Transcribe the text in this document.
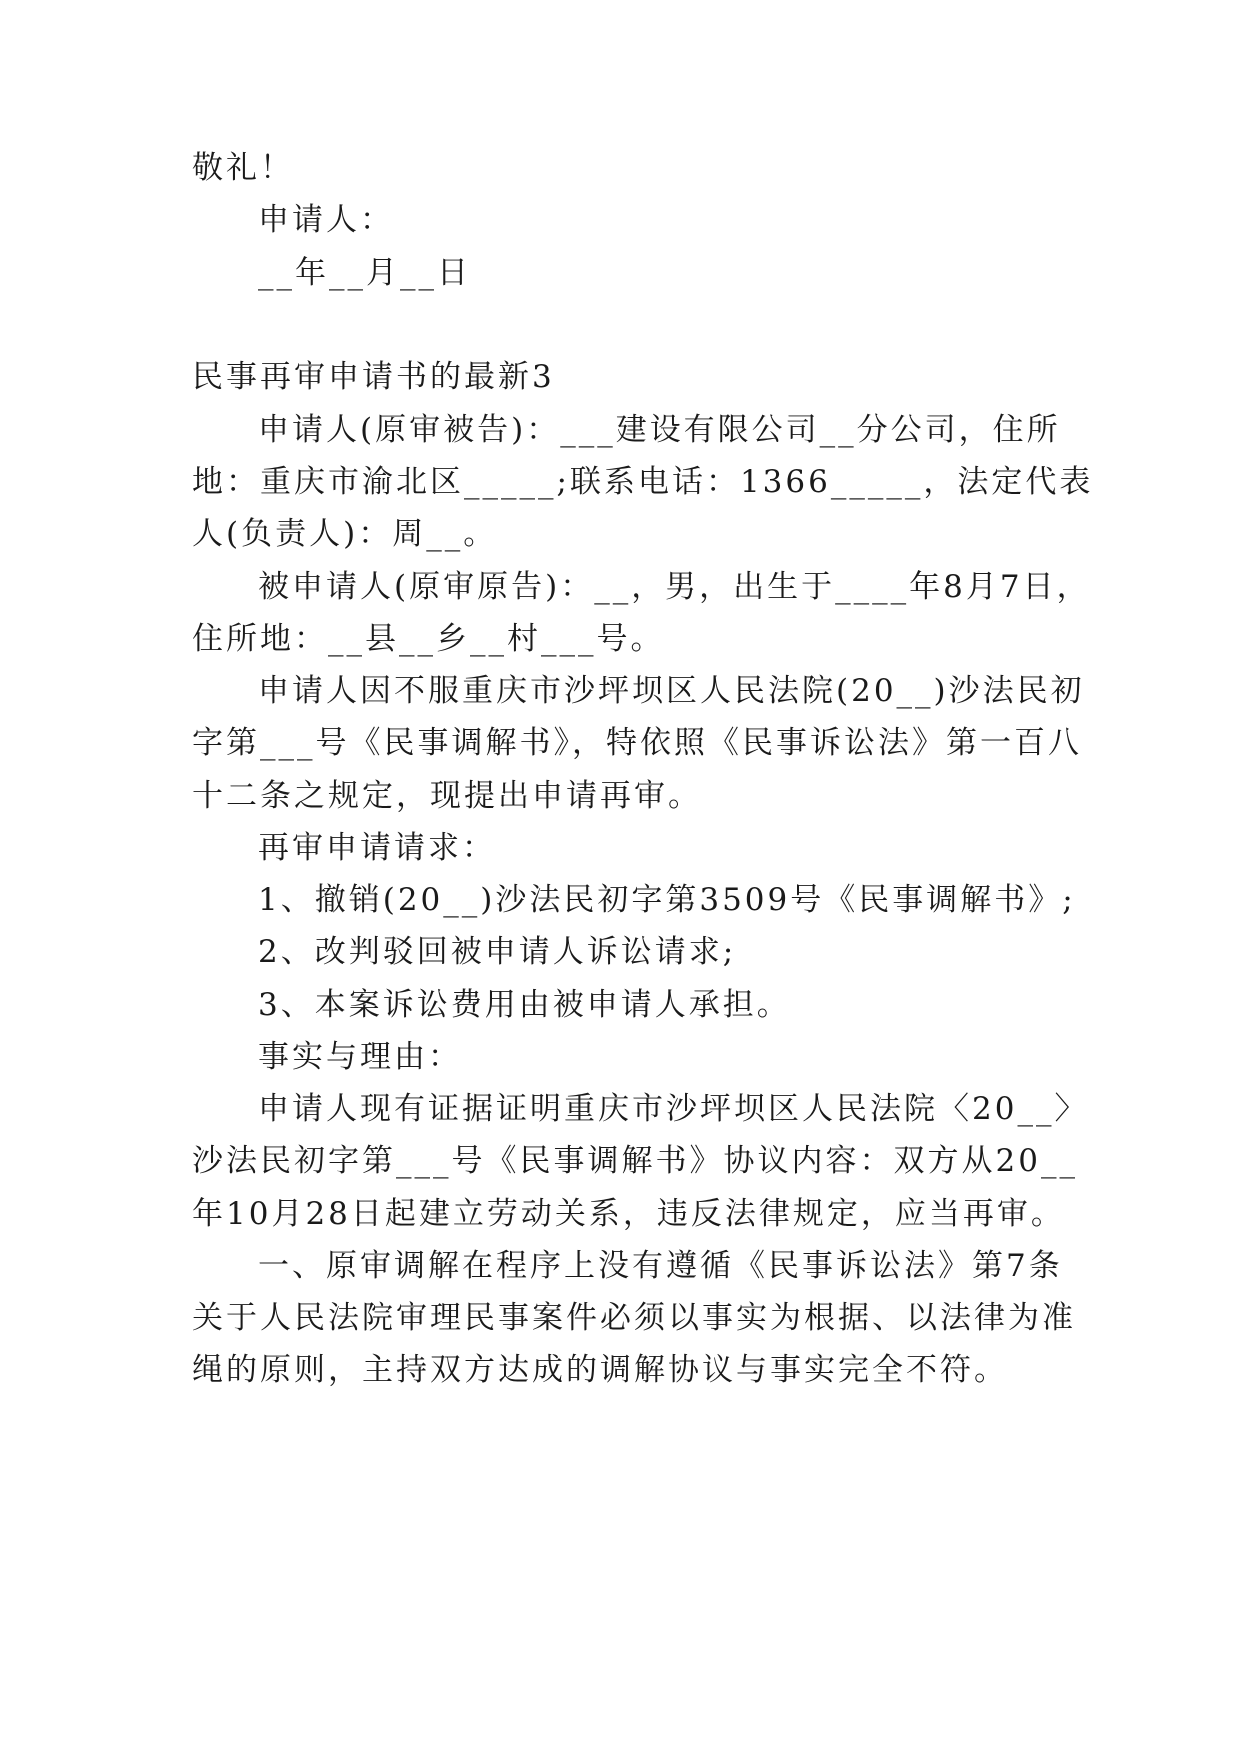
敬礼！
申请人：
__年__月__日
民事再审申请书的最新3
申请人(原审被告)：___建设有限公司__分公司，住所
地：重庆市渝北区_____;联系电话：1366_____，法定代表
人(负责人)：周__。
被申请人(原审原告)：__，男，出生于____年8月7日，
住所地：__县__乡__村___号。
申请人因不服重庆市沙坪坝区人民法院(20__)沙法民初
字第___号《民事调解书》，特依照《民事诉讼法》第一百八
十二条之规定，现提出申请再审。
再审申请请求：
1、撤销(20__)沙法民初字第3509号《民事调解书》;
2、改判驳回被申请人诉讼请求;
3、本案诉讼费用由被申请人承担。
事实与理由：
申请人现有证据证明重庆市沙坪坝区人民法院〈20__〉
沙法民初字第___号《民事调解书》协议内容：双方从20__
年10月28日起建立劳动关系，违反法律规定，应当再审。
一、原审调解在程序上没有遵循《民事诉讼法》第7条
关于人民法院审理民事案件必须以事实为根据、以法律为准
绳的原则，主持双方达成的调解协议与事实完全不符。
